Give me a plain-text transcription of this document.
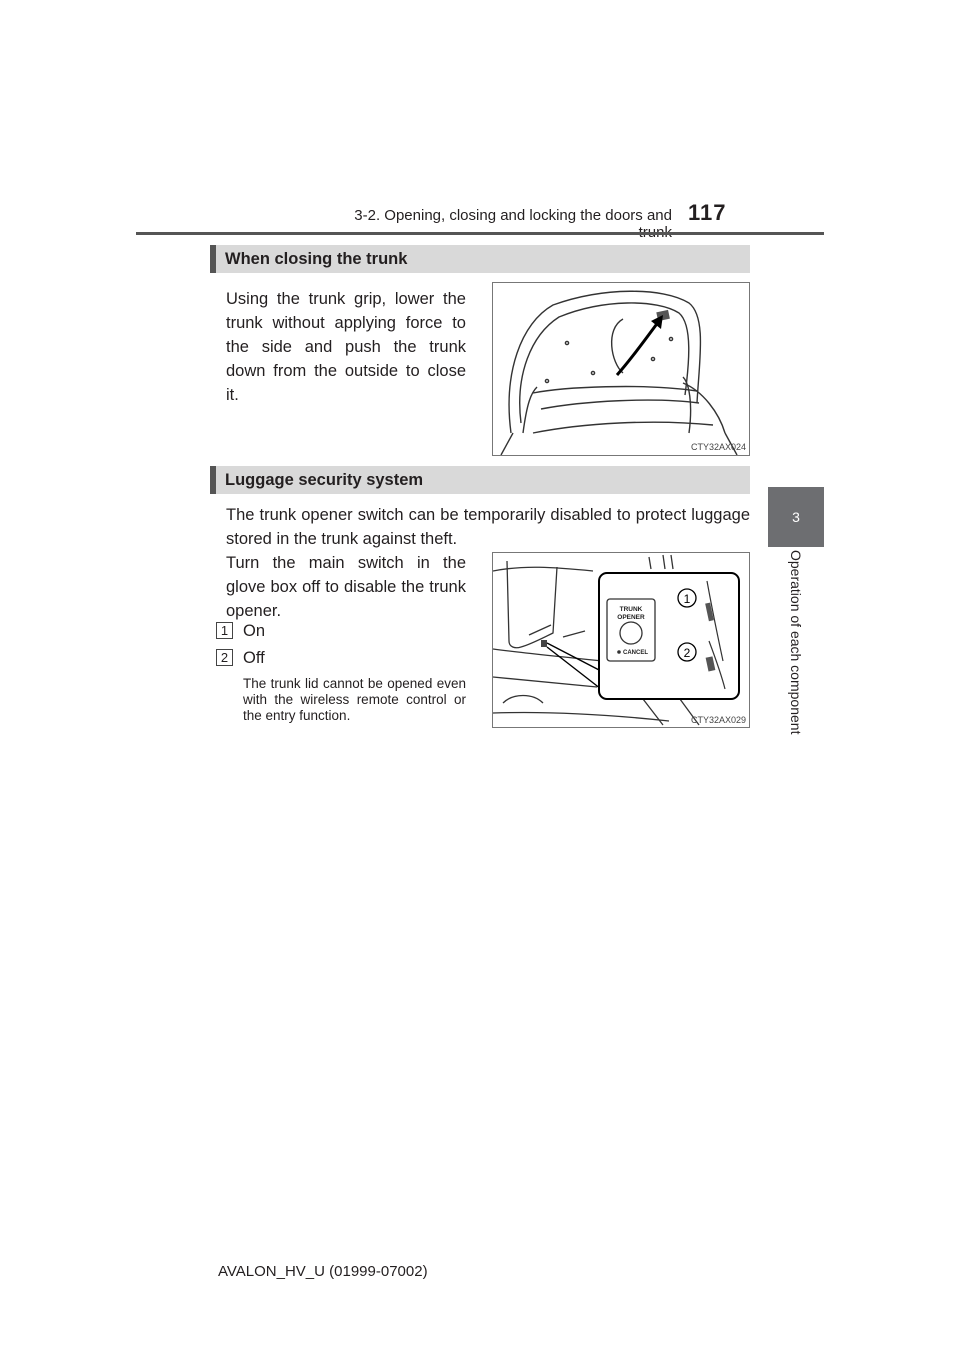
3-2. Opening, closing and locking the doors and 117
3
Operation of each component
When closing the trunk
Using the trunk grip, lower the trunk without applying force to the side and push the trunk down from the outside to close it.
CTY32AX024
Luggage security system
The trunk opener switch can be temporarily disabled to protect luggage stored in the trunk against theft.
Turn the main switch in the glove box off to disable the trunk opener.
1 On
2 Off
The trunk lid cannot be opened even with the wireless remote control or the entry function.
TRUNK
OPENER
CANCEL
1
2
CTY32AX029
AVALON_HV_U (01999-07002)
